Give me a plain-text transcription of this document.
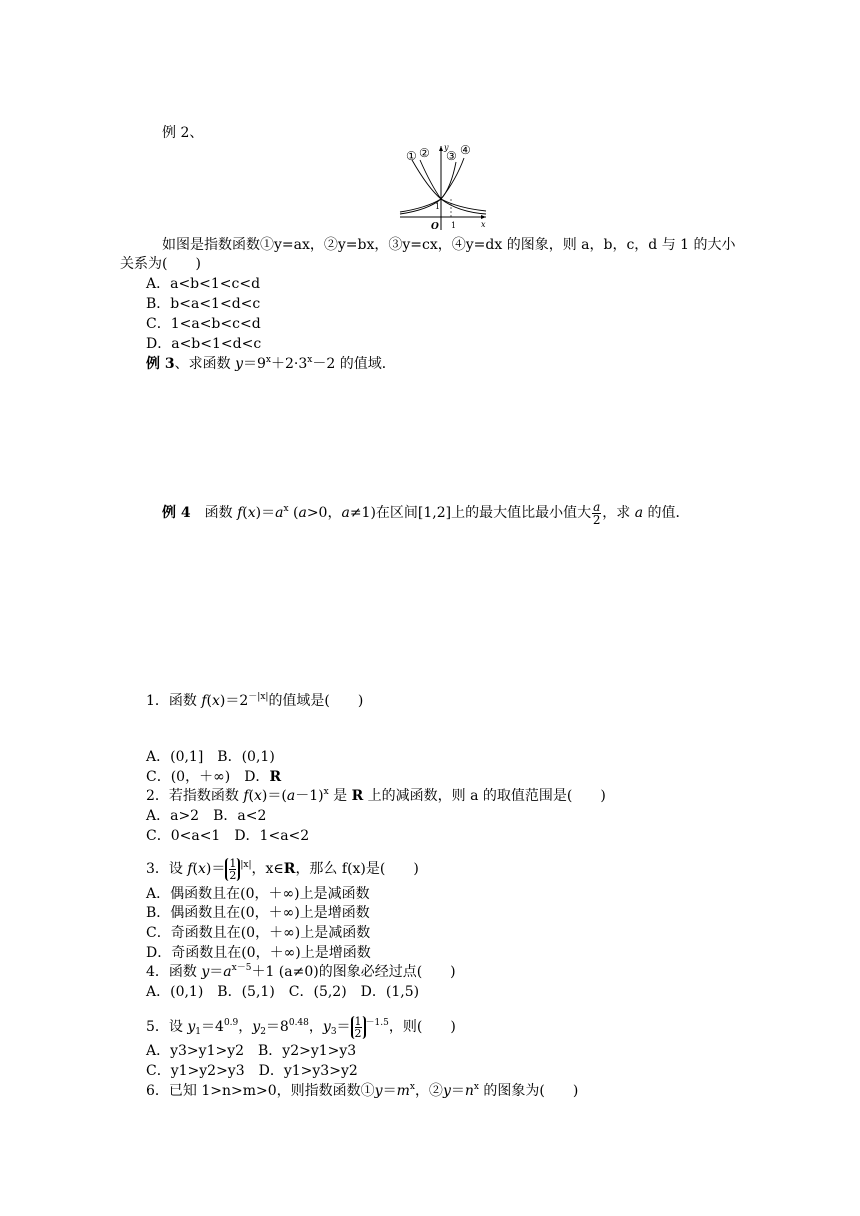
例 2、
① ② ③ ④
y
x
O 1
1
如图是指数函数①y=ax，②y=bx，③y=cx，④y=dx 的图象，则 a，b，c，d 与 1 的大小
关系为(　　)
A．a<b<1<c<d
B．b<a<1<d<c
C．1<a<b<c<d
D．a<b<1<d<c
例 3、求函数 $y=9^x+2\cdot 3^x-2$ 的值域．
例 4　函数 $f(x)=a^x$ (a>0，a≠1)在区间[1,2]上的最大值比最小值大 $\frac{a}{2}$ ，求 a 的值．
1．函数 $f(x)=2^{-|x|}$的值域是(　　)
A．(0,1]　B．(0,1)
C．(0，＋∞)　D．R
2．若指数函数 $f(x)=(a-1)^x$ 是 R 上的减函数，则 a 的取值范围是(　　)
A．a>2　B．a<2
C．0<a<1　D．1<a<2
3．设 $f(x)= \frac{1}{2} ^{|x|}$，x∈R，那么 f(x)是(　　)
A．偶函数且在(0，＋∞)上是减函数
B．偶函数且在(0，＋∞)上是增函数
C．奇函数且在(0，＋∞)上是减函数
D．奇函数且在(0，＋∞)上是增函数
4．函数 $y=a^{x-5}+1$ (a≠0)的图象必经过点(　　)
A．(0,1)　B．(5,1)　C．(5,2)　D．(1,5)
5．设 $y_1=4^{0.9}$，$y_2=8^{0.48}$，$y_3= \frac{1}{2} ^{-1.5}$，则(　　)
A．y3>y1>y2　B．y2>y1>y3
C．y1>y2>y3　D．y1>y3>y2
6．已知 1>n>m>0，则指数函数$①y=m^x$，$②y=n^x$ 的图象为(　　)
